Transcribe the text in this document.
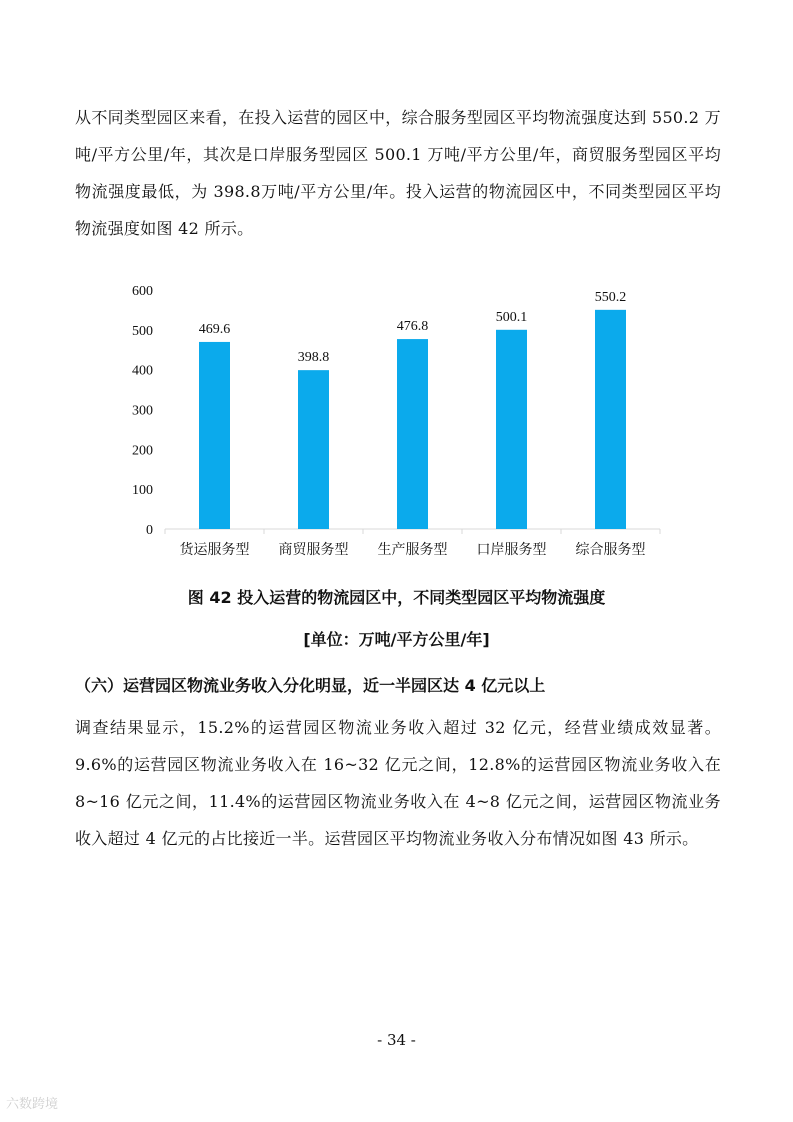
从不同类型园区来看，在投入运营的园区中，综合服务型园区平均物流强度达到 550.2 万吨/平方公里/年，其次是口岸服务型园区 500.1 万吨/平方公里/年，商贸服务型园区平均物流强度最低，为 398.8万吨/平方公里/年。投入运营的物流园区中，不同类型园区平均物流强度如图 42 所示。

0
100
200
300
400
500
600
货运服务型 商贸服务型 生产服务型 口岸服务型 综合服务型
469.6
398.8
476.8
500.1
550.2

图 42 投入运营的物流园区中，不同类型园区平均物流强度

[单位：万吨/平方公里/年]

（六）运营园区物流业务收入分化明显，近一半园区达 4 亿元以上

调查结果显示，15.2%的运营园区物流业务收入超过 32 亿元，经营业绩成效显著。9.6%的运营园区物流业务收入在 16~32 亿元之间，12.8%的运营园区物流业务收入在 8~16 亿元之间，11.4%的运营园区物流业务收入在 4~8 亿元之间，运营园区物流业务收入超过 4 亿元的占比接近一半。运营园区平均物流业务收入分布情况如图 43 所示。

- 34 -

六数跨境
